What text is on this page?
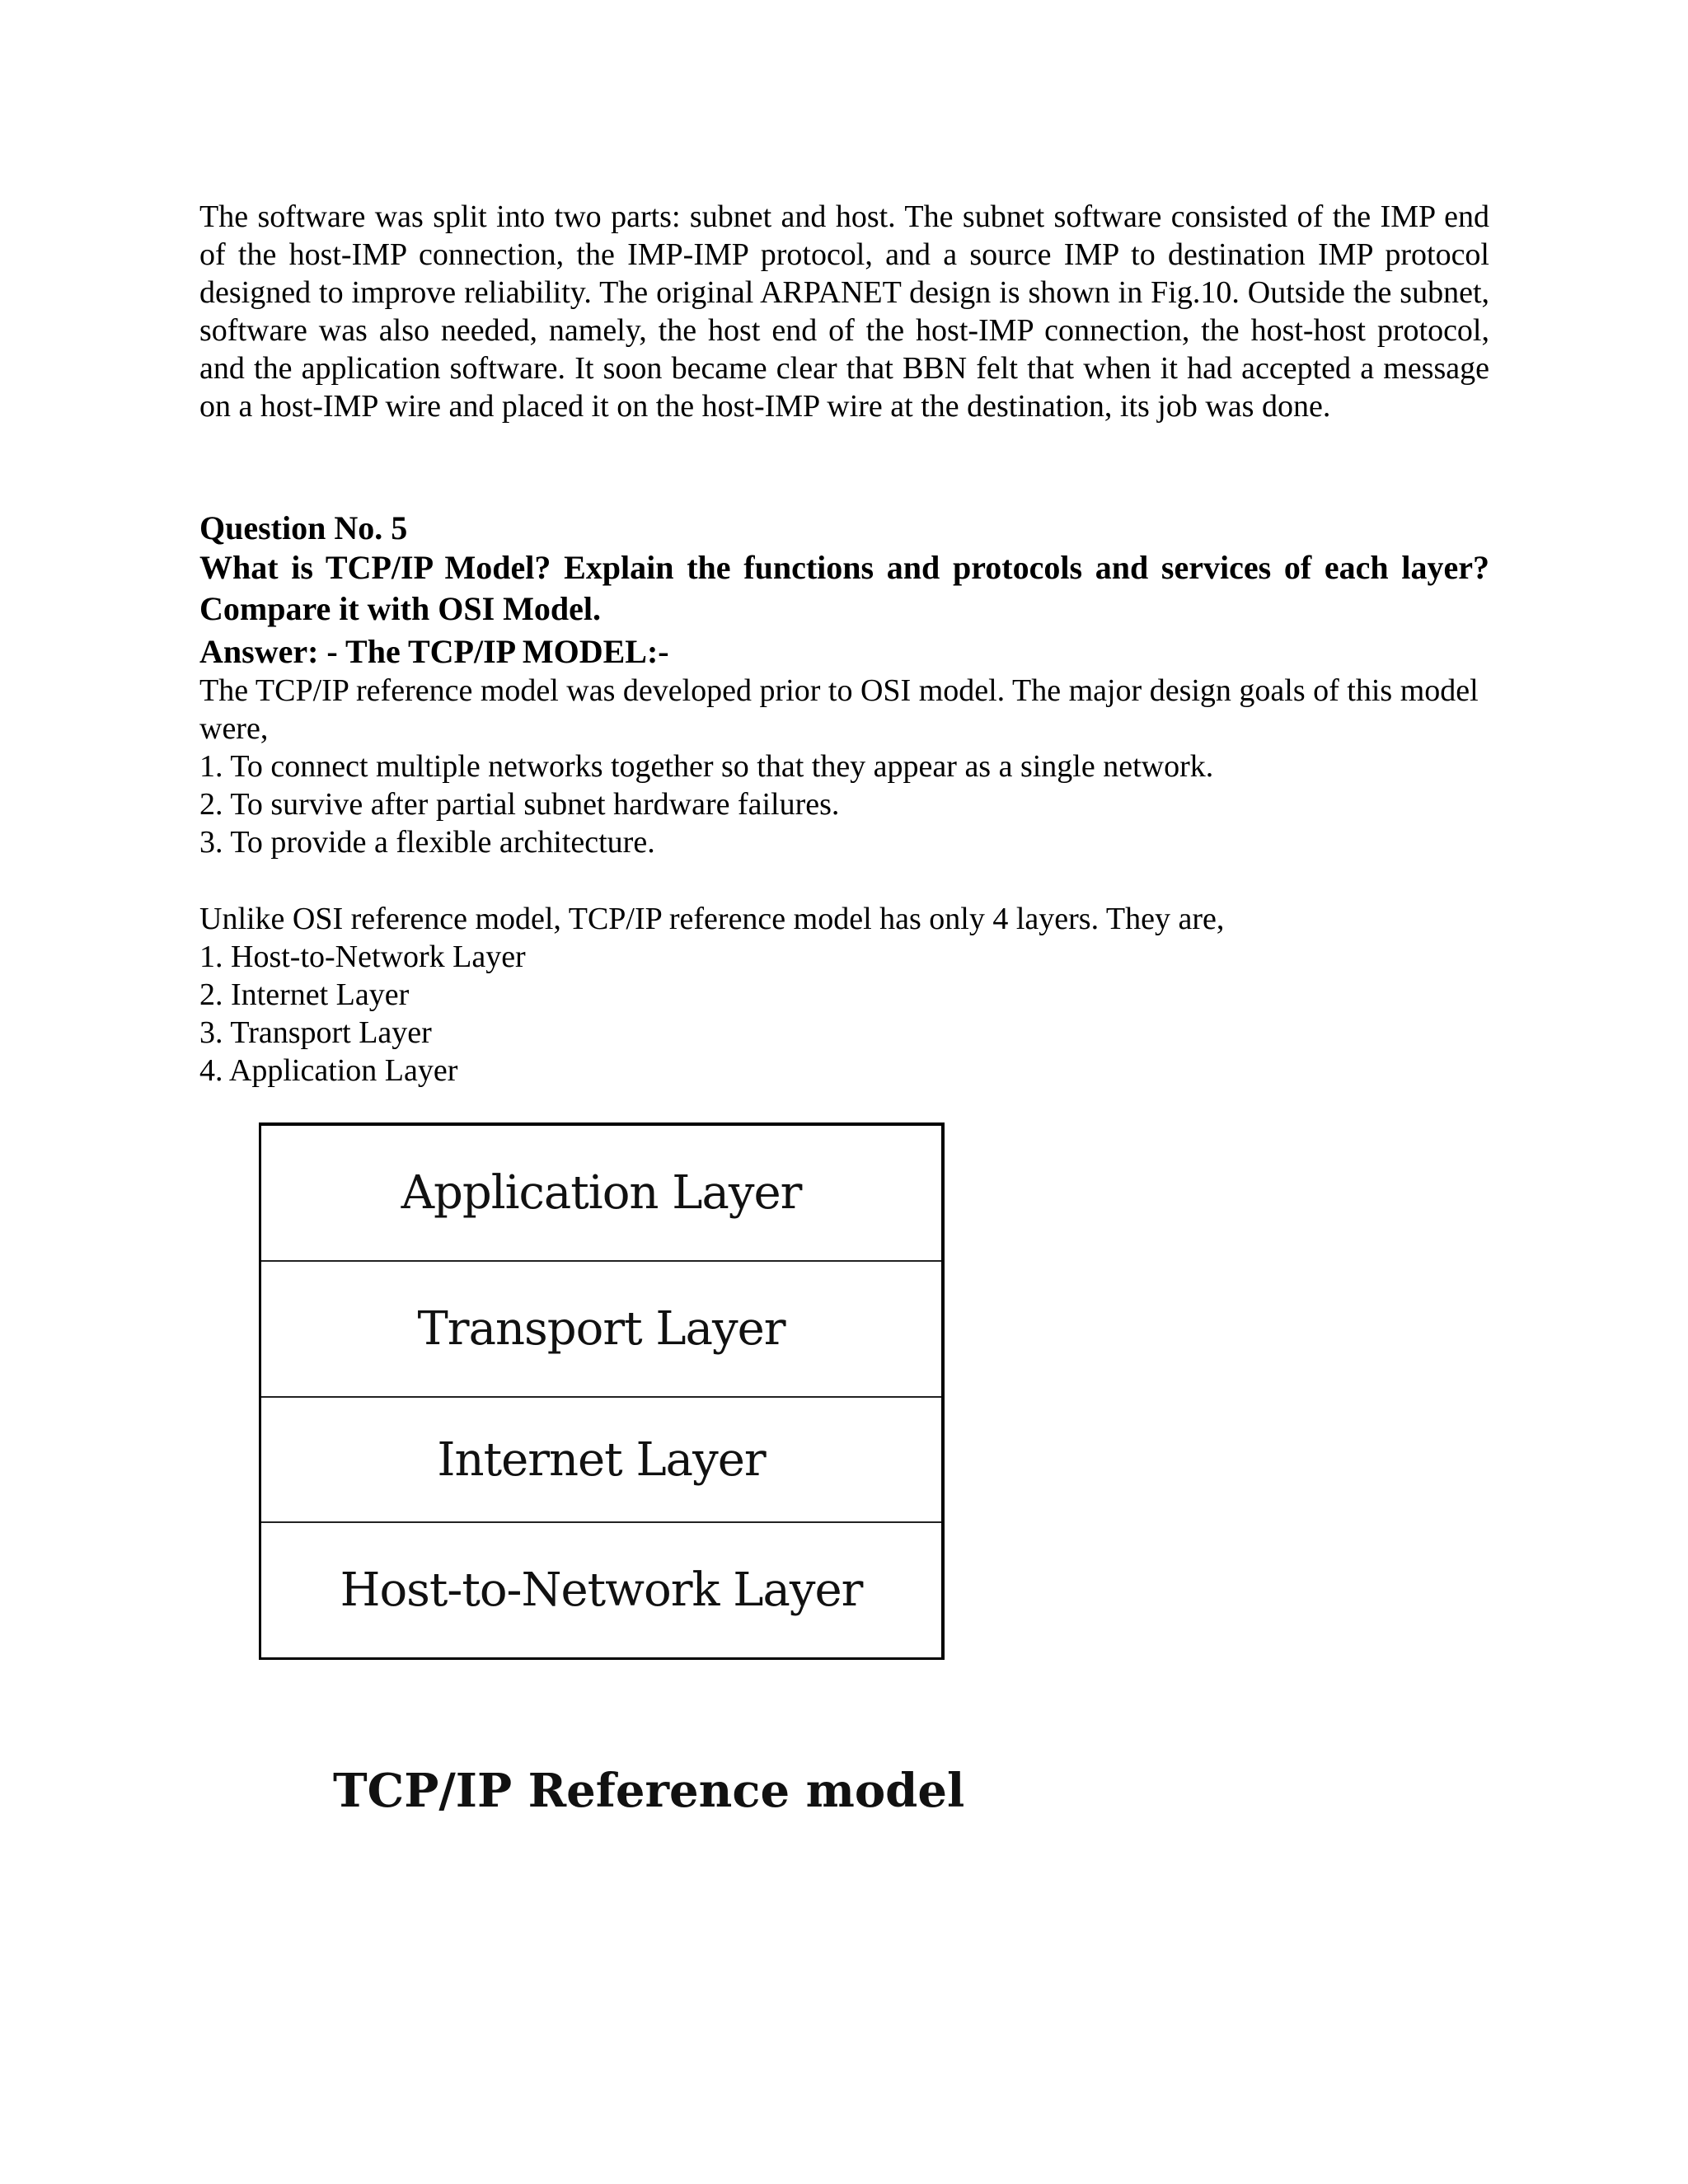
The software was split into two parts: subnet and host. The subnet software consisted of the IMP end of the host-IMP connection, the IMP-IMP protocol, and a source IMP to destination IMP protocol designed to improve reliability. The original ARPANET design is shown in Fig.10. Outside the subnet, software was also needed, namely, the host end of the host-IMP connection, the host-host protocol, and the application software. It soon became clear that BBN felt that when it had accepted a message on a host-IMP wire and placed it on the host-IMP wire at the destination, its job was done.
Question No. 5
What is TCP/IP Model? Explain the functions and protocols and services of each layer? Compare it with OSI Model.
Answer: - The TCP/IP MODEL:-
The TCP/IP reference model was developed prior to OSI model. The major design goals of this model were,
1. To connect multiple networks together so that they appear as a single network.
2. To survive after partial subnet hardware failures.
3. To provide a flexible architecture.
Unlike OSI reference model, TCP/IP reference model has only 4 layers. They are,
1. Host-to-Network Layer
2. Internet Layer
3. Transport Layer
4. Application Layer
Application Layer
Transport Layer
Internet Layer
Host-to-Network Layer
TCP/IP Reference model
